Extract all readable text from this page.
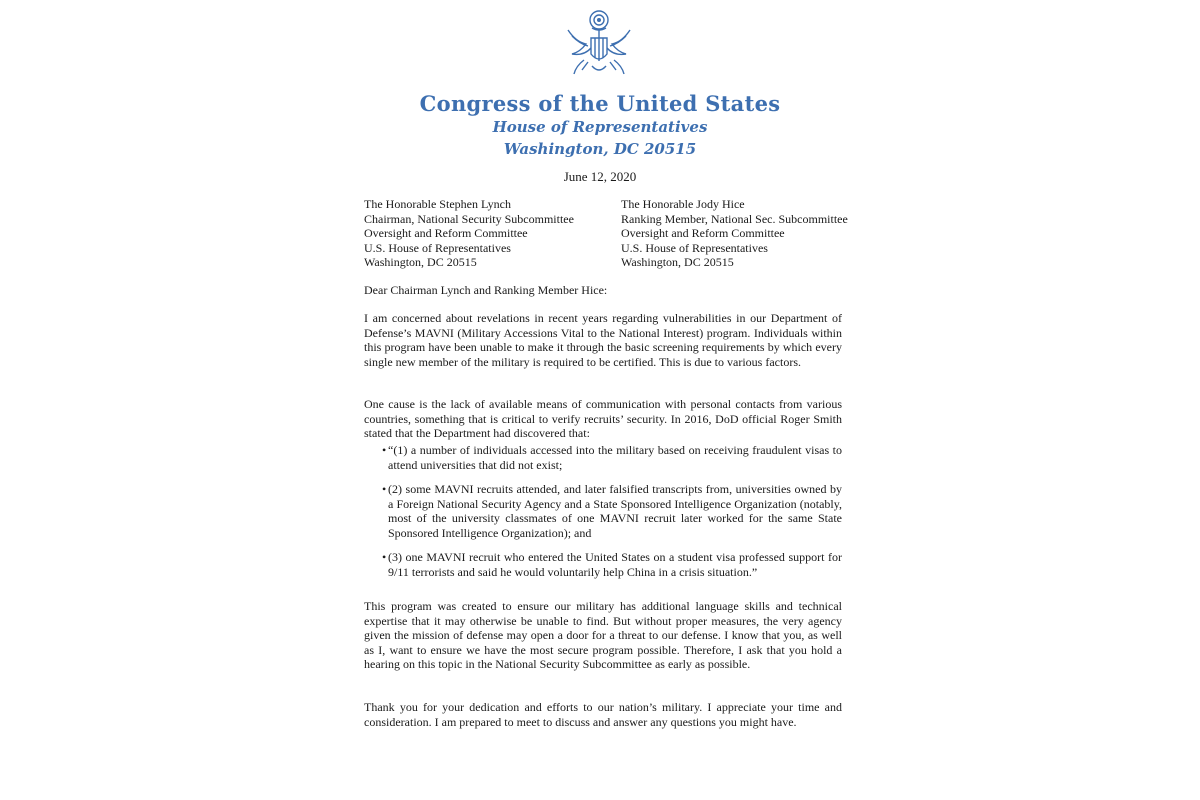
Congress of the United States
House of Representatives
Washington, DC 20515
June 12, 2020
The Honorable Stephen Lynch
Chairman, National Security Subcommittee
Oversight and Reform Committee
U.S. House of Representatives
Washington, DC 20515
The Honorable Jody Hice
Ranking Member, National Sec. Subcommittee
Oversight and Reform Committee
U.S. House of Representatives
Washington, DC 20515

Dear Chairman Lynch and Ranking Member Hice:

I am concerned about revelations in recent years regarding vulnerabilities in our Department of Defense’s MAVNI (Military Accessions Vital to the National Interest) program. Individuals within this program have been unable to make it through the basic screening requirements by which every single new member of the military is required to be certified. This is due to various factors.

One cause is the lack of available means of communication with personal contacts from various countries, something that is critical to verify recruits’ security. In 2016, DoD official Roger Smith stated that the Department had discovered that:

• “(1) a number of individuals accessed into the military based on receiving fraudulent visas to attend universities that did not exist;
• (2) some MAVNI recruits attended, and later falsified transcripts from, universities owned by a Foreign National Security Agency and a State Sponsored Intelligence Organization (notably, most of the university classmates of one MAVNI recruit later worked for the same State Sponsored Intelligence Organization); and
• (3) one MAVNI recruit who entered the United States on a student visa professed support for 9/11 terrorists and said he would voluntarily help China in a crisis situation.”

This program was created to ensure our military has additional language skills and technical expertise that it may otherwise be unable to find. But without proper measures, the very agency given the mission of defense may open a door for a threat to our defense. I know that you, as well as I, want to ensure we have the most secure program possible. Therefore, I ask that you hold a hearing on this topic in the National Security Subcommittee as early as possible.

Thank you for your dedication and efforts to our nation’s military. I appreciate your time and consideration. I am prepared to meet to discuss and answer any questions you might have.
